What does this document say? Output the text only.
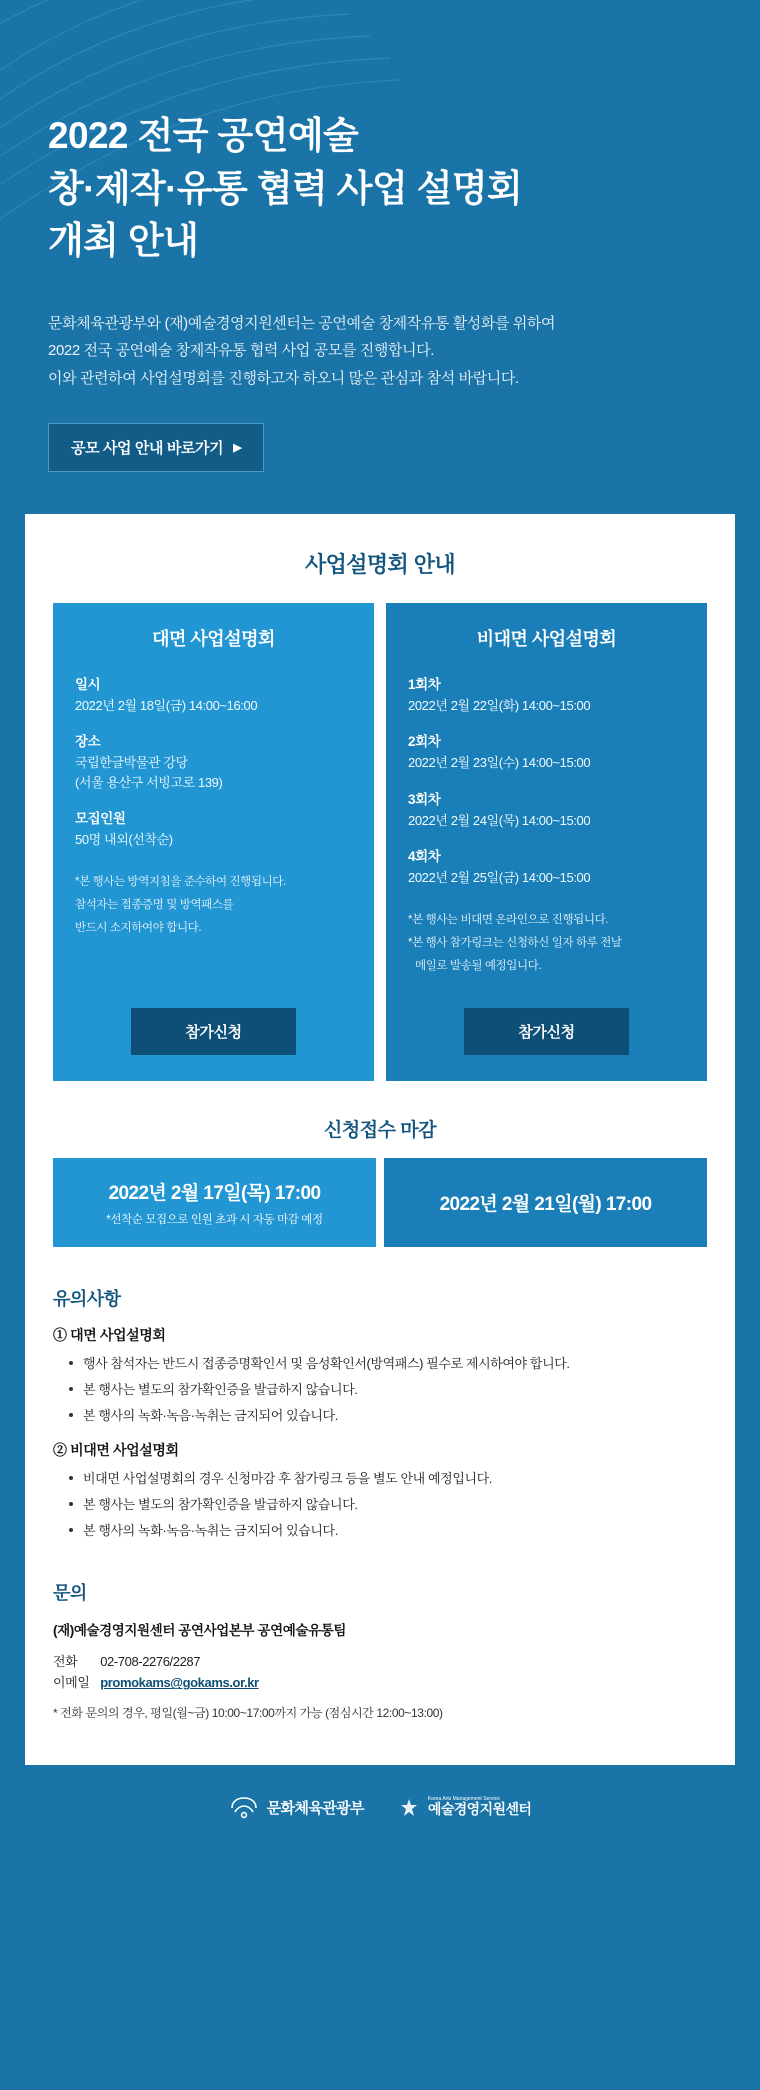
2022 전국 공연예술
창·제작·유통 협력 사업 설명회
개최 안내
문화체육관광부와 (재)예술경영지원센터는 공연예술 창제작유통 활성화를 위하여
2022 전국 공연예술 창제작유통 협력 사업 공모를 진행합니다.
이와 관련하여 사업설명회를 진행하고자 하오니 많은 관심과 참석 바랍니다.
공모 사업 안내 바로가기 ▶
사업설명회 안내
대면 사업설명회
일시
2022년 2월 18일(금) 14:00~16:00
장소
국립한글박물관 강당
(서울 용산구 서빙고로 139)
모집인원
50명 내외(선착순)
*본 행사는 방역지침을 준수하여 진행됩니다.
참석자는 접종증명 및 방역패스를
반드시 소지하여야 합니다.
참가신청
비대면 사업설명회
1회차
2022년 2월 22일(화) 14:00~15:00
2회차
2022년 2월 23일(수) 14:00~15:00
3회차
2022년 2월 24일(목) 14:00~15:00
4회차
2022년 2월 25일(금) 14:00~15:00
*본 행사는 비대면 온라인으로 진행됩니다.
*본 행사 참가링크는 신청하신 일자 하루 전날
메일로 발송될 예정입니다.
참가신청
신청접수 마감
2022년 2월 17일(목) 17:00
*선착순 모집으로 인원 초과 시 자동 마감 예정
2022년 2월 21일(월) 17:00
유의사항
① 대면 사업설명회
행사 참석자는 반드시 접종증명확인서 및 음성확인서(방역패스) 필수로 제시하여야 합니다.
본 행사는 별도의 참가확인증을 발급하지 않습니다.
본 행사의 녹화·녹음·녹취는 금지되어 있습니다.
② 비대면 사업설명회
비대면 사업설명회의 경우 신청마감 후 참가링크 등을 별도 안내 예정입니다.
본 행사는 별도의 참가확인증을 발급하지 않습니다.
본 행사의 녹화·녹음·녹취는 금지되어 있습니다.
문의
(재)예술경영지원센터 공연사업본부 공연예술유통팀
전화 02-708-2276/2287
이메일 promokams@gokams.or.kr
* 전화 문의의 경우, 평일(월~금) 10:00~17:00까지 가능 (점심시간 12:00~13:00)
문화체육관광부
Korea Arts Management Service
예술경영지원센터
